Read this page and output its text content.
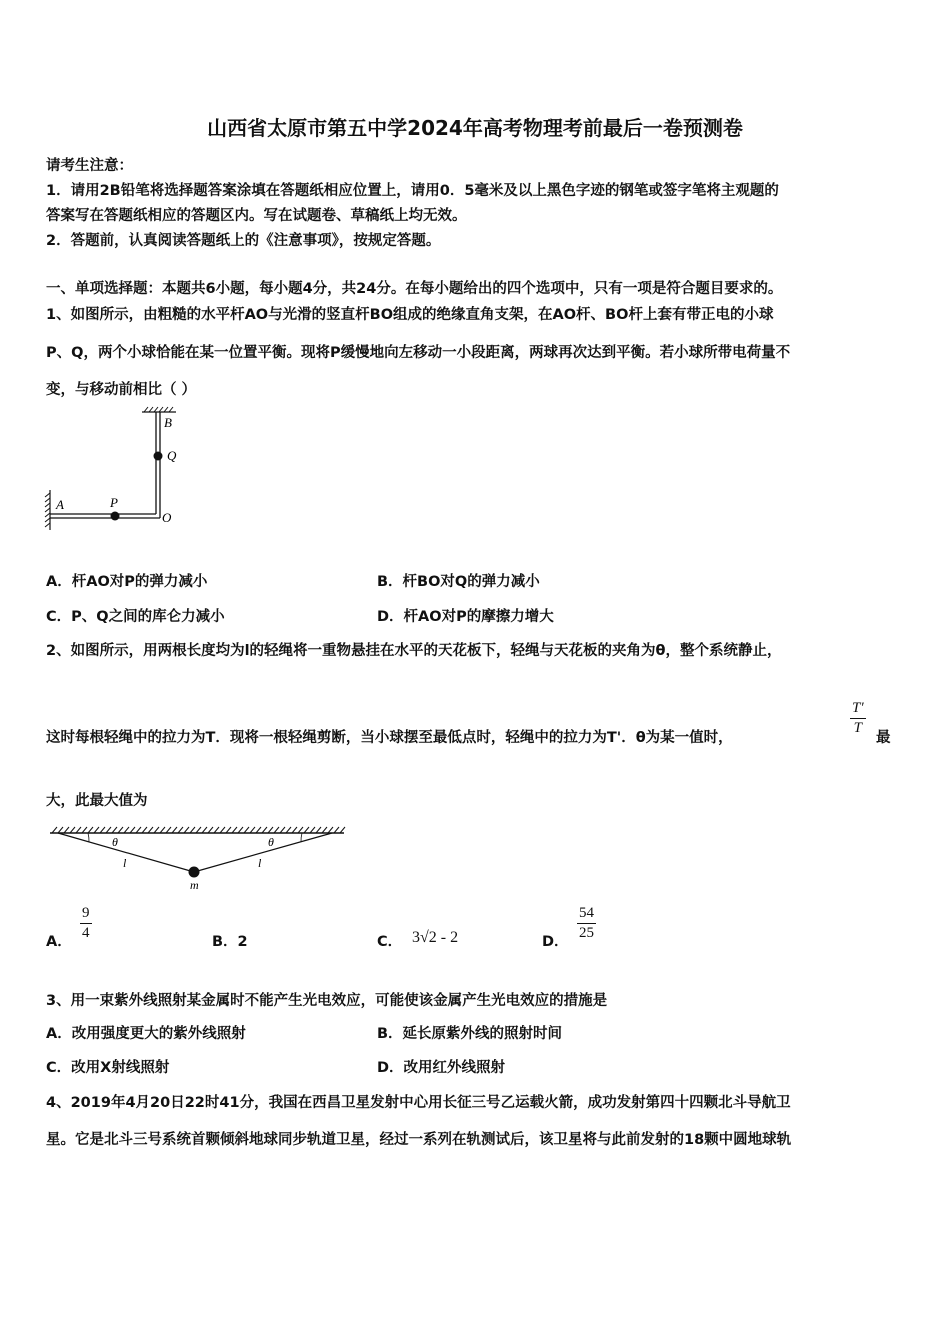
山西省太原市第五中学2024年高考物理考前最后一卷预测卷
请考生注意：
1．请用2B铅笔将选择题答案涂填在答题纸相应位置上，请用0．5毫米及以上黑色字迹的钢笔或签字笔将主观题的
答案写在答题纸相应的答题区内。写在试题卷、草稿纸上均无效。
2．答题前，认真阅读答题纸上的《注意事项》，按规定答题。
一、单项选择题：本题共6小题，每小题4分，共24分。在每小题给出的四个选项中，只有一项是符合题目要求的。
1、如图所示，由粗糙的水平杆AO与光滑的竖直杆BO组成的绝缘直角支架，在AO杆、BO杆上套有带正电的小球
P、Q，两个小球恰能在某一位置平衡。现将P缓慢地向左移动一小段距离，两球再次达到平衡。若小球所带电荷量不
变，与移动前相比（ ）
B
Q
A	P
O
A．杆AO对P的弹力减小	B．杆BO对Q的弹力减小
C．P、Q之间的库仑力减小	D．杆AO对P的摩擦力增大
2、如图所示，用两根长度均为l的轻绳将一重物悬挂在水平的天花板下，轻绳与天花板的夹角为θ，整个系统静止，
这时每根轻绳中的拉力为T．现将一根轻绳剪断，当小球摆至最低点时，轻绳中的拉力为T'．θ为某一值时，
T′
T
最
大，此最大值为
θ	θ
l	l
m
A．
9
4
B．2	C． 3√2 - 2	D．
54
25
3、用一束紫外线照射某金属时不能产生光电效应，可能使该金属产生光电效应的措施是
A．改用强度更大的紫外线照射	B．延长原紫外线的照射时间
C．改用X射线照射	D．改用红外线照射
4、2019年4月20日22时41分，我国在西昌卫星发射中心用长征三号乙运载火箭，成功发射第四十四颗北斗导航卫
星。它是北斗三号系统首颗倾斜地球同步轨道卫星，经过一系列在轨测试后，该卫星将与此前发射的18颗中圆地球轨
